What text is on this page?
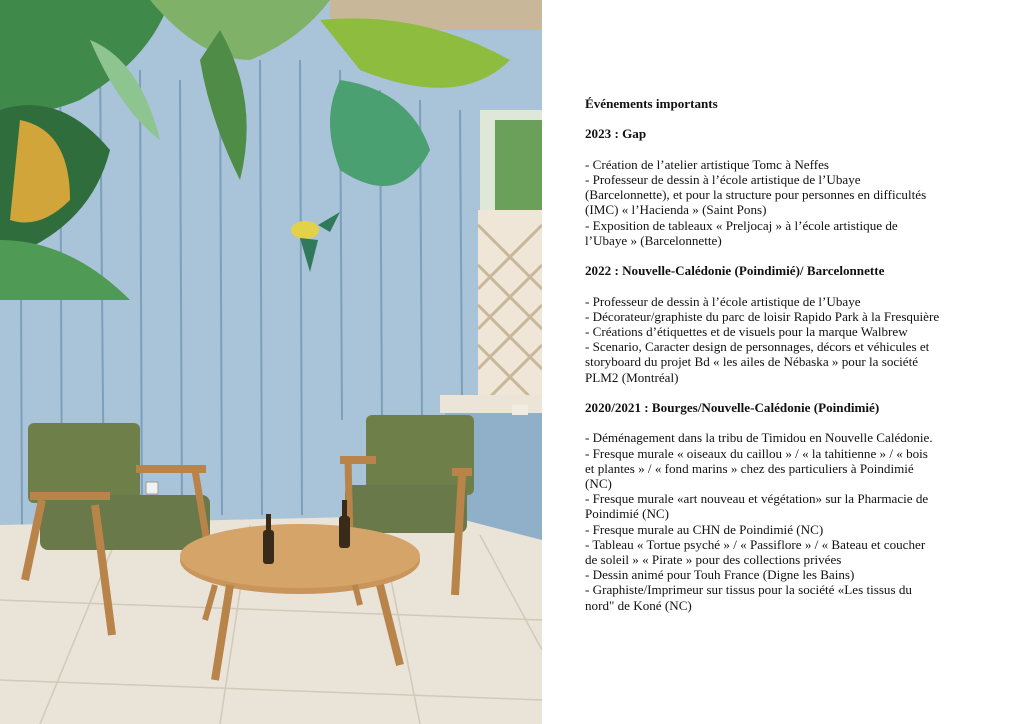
Événements importants
2023 : Gap
- Création de l’atelier artistique Tomc à Neffes
- Professeur de dessin à l’école artistique de l’Ubaye
(Barcelonnette), et pour la structure pour personnes en difficultés
(IMC) « l’Hacienda » (Saint Pons)
- Exposition de tableaux « Preljocaj » à l’école artistique de
l’Ubaye » (Barcelonnette)
2022 : Nouvelle-Calédonie (Poindimié)/ Barcelonnette
- Professeur de dessin à l’école artistique de l’Ubaye
- Décorateur/graphiste du parc de loisir Rapido Park à la Fresquière
- Créations d’étiquettes et de visuels pour la marque Walbrew
- Scenario, Caracter design de personnages, décors et véhicules et
storyboard du projet Bd « les ailes de Nébaska » pour la société
PLM2 (Montréal)
2020/2021 : Bourges/Nouvelle-Calédonie (Poindimié)
- Déménagement dans la tribu de Timidou en Nouvelle Calédonie.
- Fresque murale « oiseaux du caillou » / « la tahitienne » / « bois
et plantes » / « fond marins » chez des particuliers à Poindimié
(NC)
- Fresque murale «art nouveau et végétation» sur la Pharmacie de
Poindimié (NC)
- Fresque murale au CHN de Poindimié (NC)
- Tableau « Tortue psyché » / « Passiflore » / « Bateau et coucher
de soleil » « Pirate » pour des collections privées
- Dessin animé pour Touh France (Digne les Bains)
- Graphiste/Imprimeur sur tissus pour la société «Les tissus du
nord" de Koné (NC)
